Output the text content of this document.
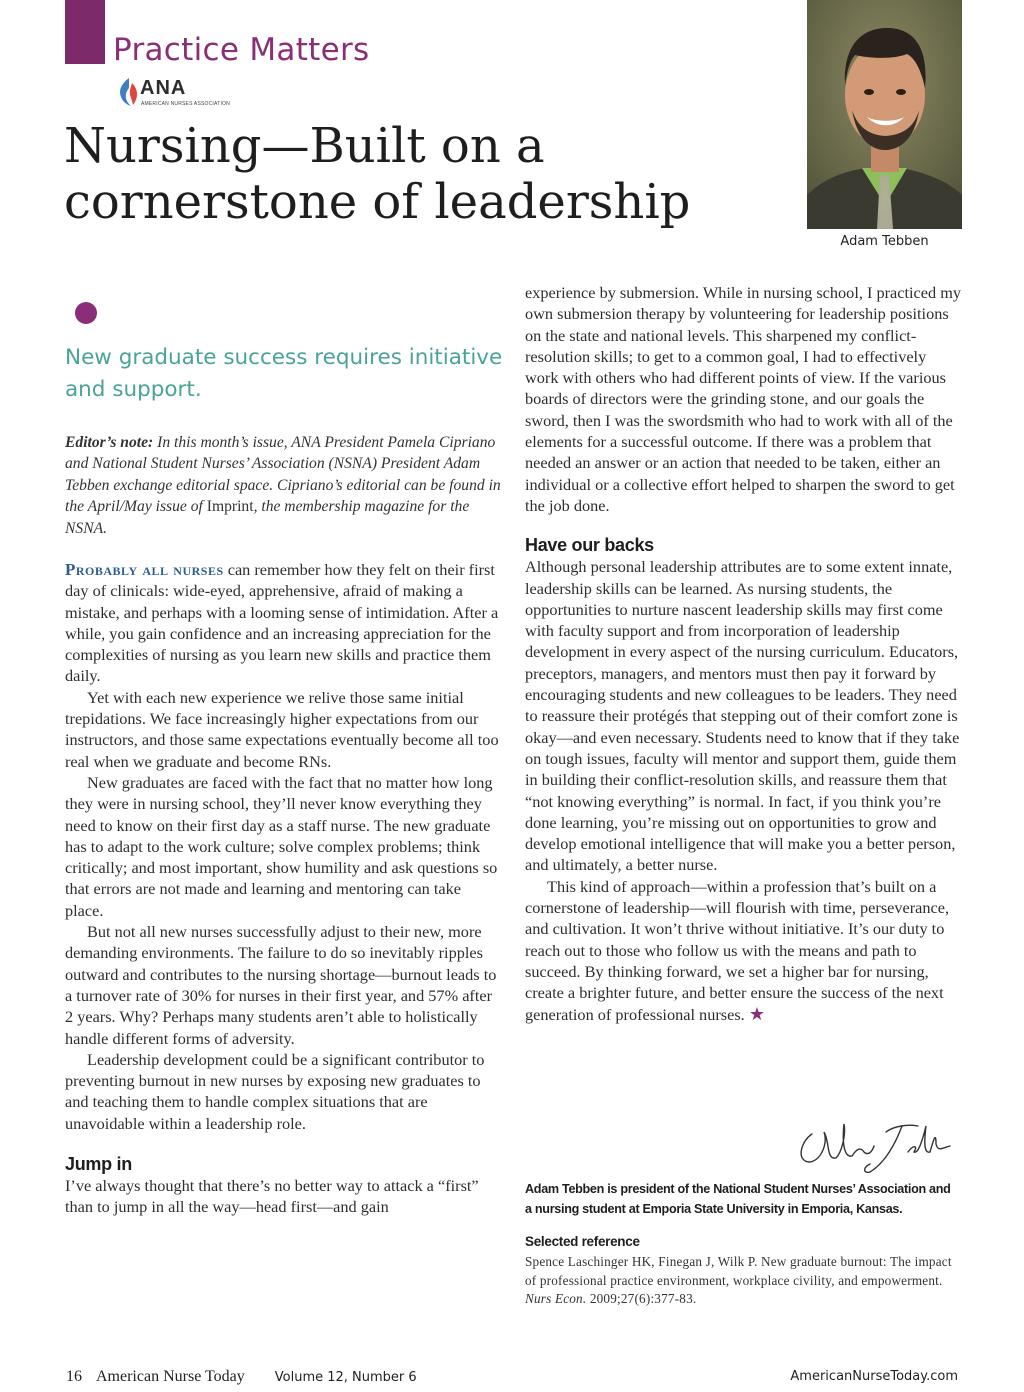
Practice Matters
ANA
AMERICAN NURSES ASSOCIATION
Nursing—Built on a
cornerstone of leadership
Adam Tebben
New graduate success requires initiative and support.
Editor’s note: In this month’s issue, ANA President Pamela Cipriano and National Student Nurses’ Association (NSNA) President Adam Tebben exchange editorial space. Cipriano’s editorial can be found in the April/May issue of Imprint, the membership magazine for the NSNA.

Probably all nurses can remember how they felt on their first day of clinicals: wide-eyed, apprehensive, afraid of making a mistake, and perhaps with a looming sense of intimidation. After a while, you gain confidence and an increasing appreciation for the complexities of nursing as you learn new skills and practice them daily.

Yet with each new experience we relive those same initial trepidations. We face increasingly higher expectations from our instructors, and those same expectations eventually become all too real when we graduate and become RNs.

New graduates are faced with the fact that no matter how long they were in nursing school, they’ll never know everything they need to know on their first day as a staff nurse. The new graduate has to adapt to the work culture; solve complex problems; think critically; and most important, show humility and ask questions so that errors are not made and learning and mentoring can take place.

But not all new nurses successfully adjust to their new, more demanding environments. The failure to do so inevitably ripples outward and contributes to the nursing shortage—burnout leads to a turnover rate of 30% for nurses in their first year, and 57% after 2 years. Why? Perhaps many students aren’t able to holistically handle different forms of adversity.

Leadership development could be a significant contributor to preventing burnout in new nurses by exposing new graduates to and teaching them to handle complex situations that are unavoidable within a leadership role.

Jump in

I’ve always thought that there’s no better way to attack a “first” than to jump in all the way—head first—and gain

experience by submersion. While in nursing school, I practiced my own submersion therapy by volunteering for leadership positions on the state and national levels. This sharpened my conflict-resolution skills; to get to a common goal, I had to effectively work with others who had different points of view. If the various boards of directors were the grinding stone, and our goals the sword, then I was the swordsmith who had to work with all of the elements for a successful outcome. If there was a problem that needed an answer or an action that needed to be taken, either an individual or a collective effort helped to sharpen the sword to get the job done.

Have our backs

Although personal leadership attributes are to some extent innate, leadership skills can be learned. As nursing students, the opportunities to nurture nascent leadership skills may first come with faculty support and from incorporation of leadership development in every aspect of the nursing curriculum. Educators, preceptors, managers, and mentors must then pay it forward by encouraging students and new colleagues to be leaders. They need to reassure their protégés that stepping out of their comfort zone is okay—and even necessary. Students need to know that if they take on tough issues, faculty will mentor and support them, guide them in building their conflict-resolution skills, and reassure them that “not knowing everything” is normal. In fact, if you think you’re done learning, you’re missing out on opportunities to grow and develop emotional intelligence that will make you a better person, and ultimately, a better nurse.

This kind of approach—within a profession that’s built on a cornerstone of leadership—will flourish with time, perseverance, and cultivation. It won’t thrive without initiative. It’s our duty to reach out to those who follow us with the means and path to succeed. By thinking forward, we set a higher bar for nursing, create a brighter future, and better ensure the success of the next generation of professional nurses. ★

Adam Tebben
Adam Tebben is president of the National Student Nurses’ Association and a nursing student at Emporia State University in Emporia, Kansas.
Selected reference
Spence Laschinger HK, Finegan J, Wilk P. New graduate burnout: The impact of professional practice environment, workplace civility, and empowerment. Nurs Econ. 2009;27(6):377-83.
16 American Nurse Today Volume 12, Number 6	AmericanNurseToday.com
